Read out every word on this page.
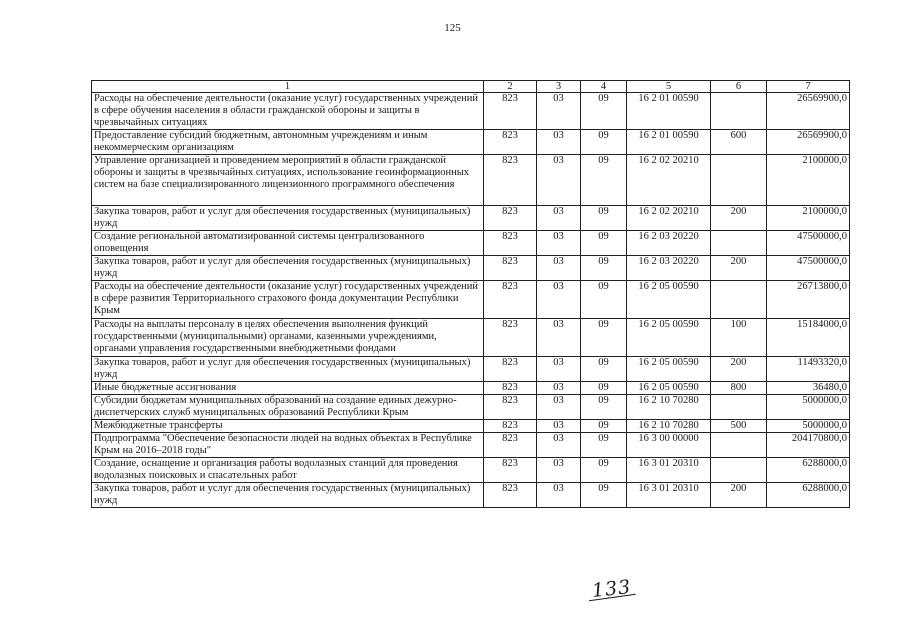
125
1	2	3	4	5	6	7
Расходы на обеспечение деятельности (оказание услуг) государственных учреждений в сфере обучения населения в области гражданской обороны и защиты в чрезвычайных ситуациях	823	03	09	16 2 01 00590		26569900,0
Предоставление субсидий бюджетным, автономным учреждениям и иным некоммерческим организациям	823	03	09	16 2 01 00590	600	26569900,0
Управление организацией и проведением мероприятий в области гражданской обороны и защиты в чрезвычайных ситуациях, использование геоинформационных систем на базе специализированного лицензионного программного обеспечения	823	03	09	16 2 02 20210		2100000,0
Закупка товаров, работ и услуг для обеспечения государственных (муниципальных) нужд	823	03	09	16 2 02 20210	200	2100000,0
Создание региональной автоматизированной системы централизованного оповещения	823	03	09	16 2 03 20220		47500000,0
Закупка товаров, работ и услуг для обеспечения государственных (муниципальных) нужд	823	03	09	16 2 03 20220	200	47500000,0
Расходы на обеспечение деятельности (оказание услуг) государственных учреждений в сфере развития Территориального страхового фонда документации Республики Крым	823	03	09	16 2 05 00590		26713800,0
Расходы на выплаты персоналу в целях обеспечения выполнения функций государственными (муниципальными) органами, казенными учреждениями, органами управления государственными внебюджетными фондами	823	03	09	16 2 05 00590	100	15184000,0
Закупка товаров, работ и услуг для обеспечения государственных (муниципальных) нужд	823	03	09	16 2 05 00590	200	11493320,0
Иные бюджетные ассигнования	823	03	09	16 2 05 00590	800	36480,0
Субсидии бюджетам муниципальных образований на создание единых дежурно-диспетчерских служб муниципальных образований Республики Крым	823	03	09	16 2 10 70280		5000000,0
Межбюджетные трансферты	823	03	09	16 2 10 70280	500	5000000,0
Подпрограмма "Обеспечение безопасности людей на водных объектах в Республике Крым на 2016–2018 годы"	823	03	09	16 3 00 00000		204170800,0
Создание, оснащение и организация работы водолазных станций для проведения водолазных поисковых и спасательных работ	823	03	09	16 3 01 20310		6288000,0
Закупка товаров, работ и услуг для обеспечения государственных (муниципальных) нужд	823	03	09	16 3 01 20310	200	6288000,0
133
